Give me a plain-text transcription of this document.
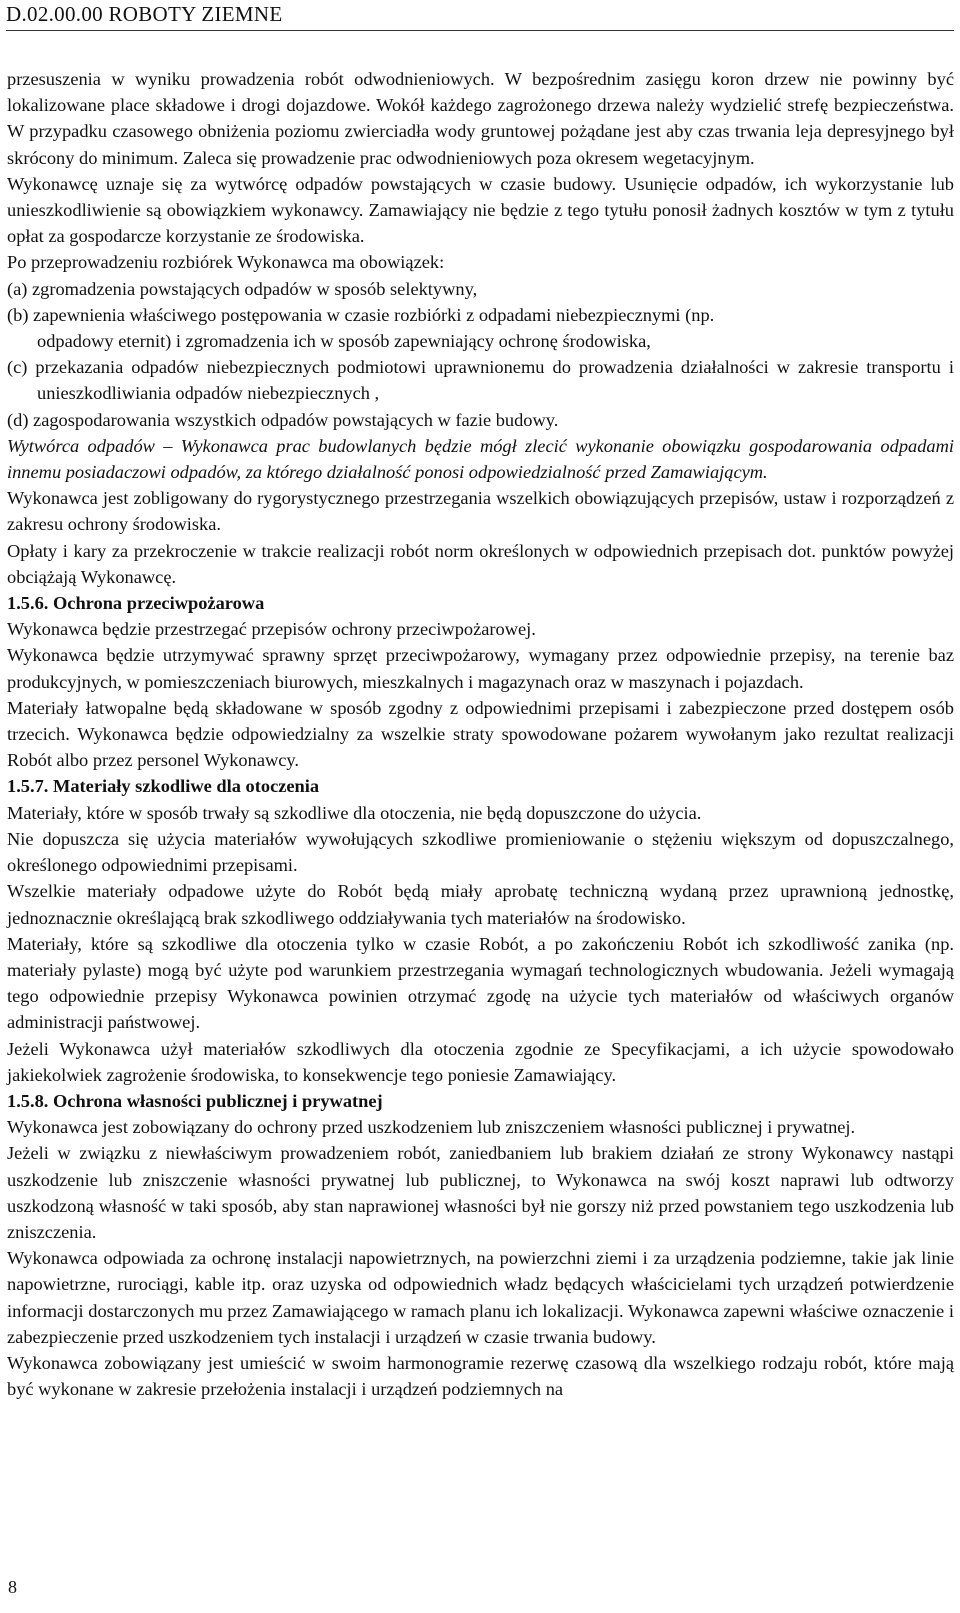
D.02.00.00 ROBOTY ZIEMNE

przesuszenia w wyniku prowadzenia robót odwodnieniowych. W bezpośrednim zasięgu koron drzew nie powinny być lokalizowane place składowe i drogi dojazdowe. Wokół każdego zagrożonego drzewa należy wydzielić strefę bezpieczeństwa. W przypadku czasowego obniżenia poziomu zwierciadła wody gruntowej pożądane jest aby czas trwania leja depresyjnego był skrócony do minimum. Zaleca się prowadzenie prac odwodnieniowych poza okresem wegetacyjnym.

Wykonawcę uznaje się za wytwórcę odpadów powstających w czasie budowy. Usunięcie odpadów, ich wykorzystanie lub unieszkodliwienie są obowiązkiem wykonawcy. Zamawiający nie będzie z tego tytułu ponosił żadnych kosztów w tym z tytułu opłat za gospodarcze korzystanie ze środowiska.

Po przeprowadzeniu rozbiórek Wykonawca ma obowiązek:

(a) zgromadzenia powstających odpadów w sposób selektywny,

(b) zapewnienia właściwego postępowania w czasie rozbiórki z odpadami niebezpiecznymi (np.

odpadowy eternit) i zgromadzenia ich w sposób zapewniający ochronę środowiska,

(c) przekazania odpadów niebezpiecznych podmiotowi uprawnionemu do prowadzenia działalności w zakresie transportu i unieszkodliwiania odpadów niebezpiecznych ,

(d) zagospodarowania wszystkich odpadów powstających w fazie budowy.

Wytwórca odpadów – Wykonawca prac budowlanych będzie mógł zlecić wykonanie obowiązku gospodarowania odpadami innemu posiadaczowi odpadów, za którego działalność ponosi odpowiedzialność przed Zamawiającym.

Wykonawca jest zobligowany do rygorystycznego przestrzegania wszelkich obowiązujących przepisów, ustaw i rozporządzeń z zakresu ochrony środowiska.

Opłaty i kary za przekroczenie w trakcie realizacji robót norm określonych w odpowiednich przepisach dot. punktów powyżej obciążają Wykonawcę.

1.5.6. Ochrona przeciwpożarowa

Wykonawca będzie przestrzegać przepisów ochrony przeciwpożarowej.

Wykonawca będzie utrzymywać sprawny sprzęt przeciwpożarowy, wymagany przez odpowiednie przepisy, na terenie baz produkcyjnych, w pomieszczeniach biurowych, mieszkalnych i magazynach oraz w maszynach i pojazdach.

Materiały łatwopalne będą składowane w sposób zgodny z odpowiednimi przepisami i zabezpieczone przed dostępem osób trzecich. Wykonawca będzie odpowiedzialny za wszelkie straty spowodowane pożarem wywołanym jako rezultat realizacji Robót albo przez personel Wykonawcy.

1.5.7. Materiały szkodliwe dla otoczenia

Materiały, które w sposób trwały są szkodliwe dla otoczenia, nie będą dopuszczone do użycia.

Nie dopuszcza się użycia materiałów wywołujących szkodliwe promieniowanie o stężeniu większym od dopuszczalnego, określonego odpowiednimi przepisami.

Wszelkie materiały odpadowe użyte do Robót będą miały aprobatę techniczną wydaną przez uprawnioną jednostkę, jednoznacznie określającą brak szkodliwego oddziaływania tych materiałów na środowisko.

Materiały, które są szkodliwe dla otoczenia tylko w czasie Robót, a po zakończeniu Robót ich szkodliwość zanika (np. materiały pylaste) mogą być użyte pod warunkiem przestrzegania wymagań technologicznych wbudowania. Jeżeli wymagają tego odpowiednie przepisy Wykonawca powinien otrzymać zgodę na użycie tych materiałów od właściwych organów administracji państwowej.

Jeżeli Wykonawca użył materiałów szkodliwych dla otoczenia zgodnie ze Specyfikacjami, a ich użycie spowodowało jakiekolwiek zagrożenie środowiska, to konsekwencje tego poniesie Zamawiający.

1.5.8. Ochrona własności publicznej i prywatnej

Wykonawca jest zobowiązany do ochrony przed uszkodzeniem lub zniszczeniem własności publicznej i prywatnej.

Jeżeli w związku z niewłaściwym prowadzeniem robót, zaniedbaniem lub brakiem działań ze strony Wykonawcy nastąpi uszkodzenie lub zniszczenie własności prywatnej lub publicznej, to Wykonawca na swój koszt naprawi lub odtworzy uszkodzoną własność w taki sposób, aby stan naprawionej własności był nie gorszy niż przed powstaniem tego uszkodzenia lub zniszczenia.

Wykonawca odpowiada za ochronę instalacji napowietrznych, na powierzchni ziemi i za urządzenia podziemne, takie jak linie napowietrzne, rurociągi, kable itp. oraz uzyska od odpowiednich władz będących właścicielami tych urządzeń potwierdzenie informacji dostarczonych mu przez Zamawiającego w ramach planu ich lokalizacji. Wykonawca zapewni właściwe oznaczenie i zabezpieczenie przed uszkodzeniem tych instalacji i urządzeń w czasie trwania budowy.

Wykonawca zobowiązany jest umieścić w swoim harmonogramie rezerwę czasową dla wszelkiego rodzaju robót, które mają być wykonane w zakresie przełożenia instalacji i urządzeń podziemnych na

8
